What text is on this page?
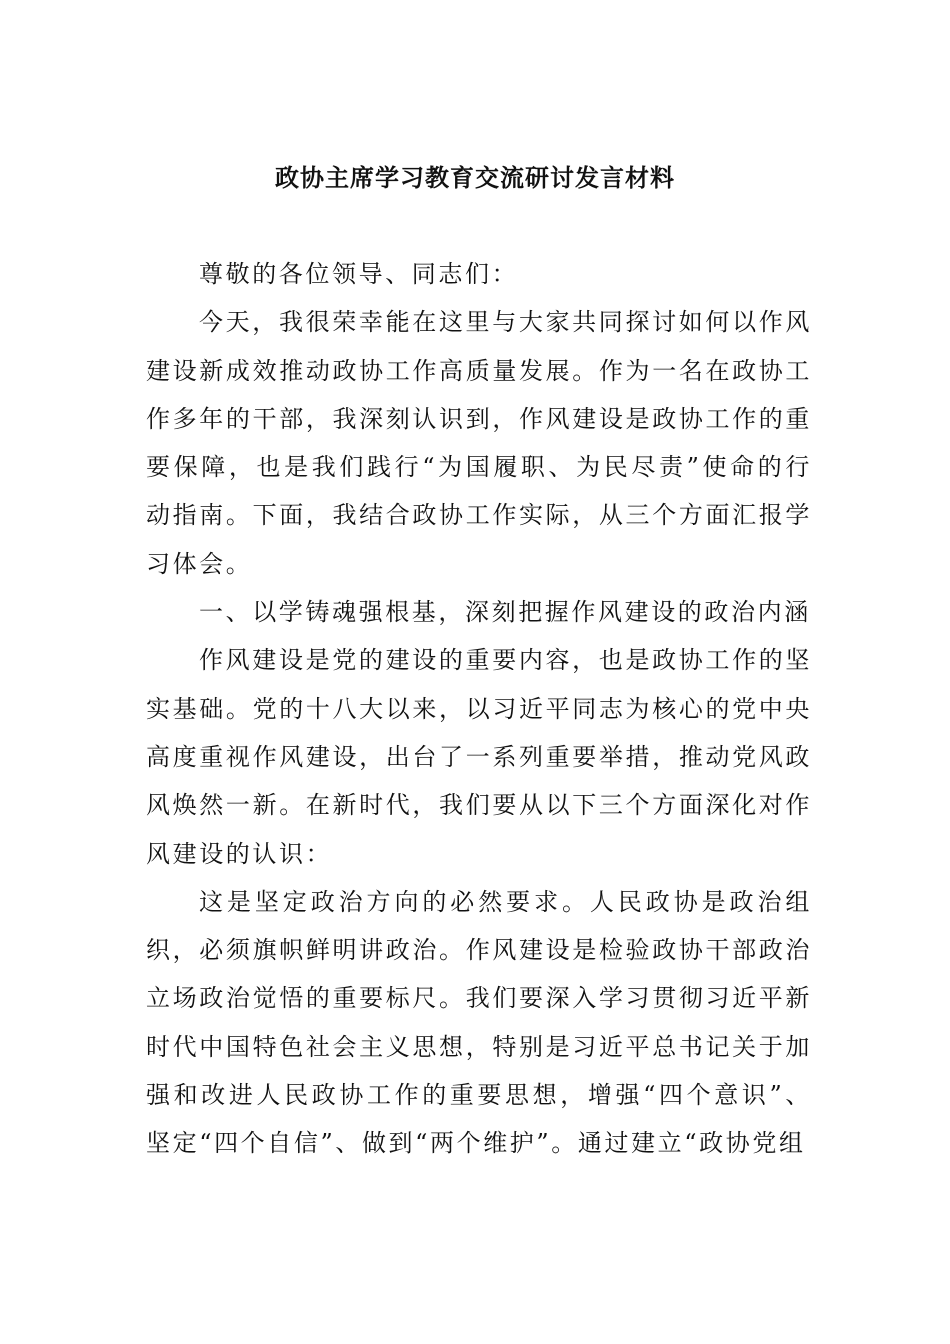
政协主席学习教育交流研讨发言材料

尊敬的各位领导、同志们：

今天，我很荣幸能在这里与大家共同探讨如何以作风建设新成效推动政协工作高质量发展。作为一名在政协工作多年的干部，我深刻认识到，作风建设是政协工作的重要保障，也是我们践行“为国履职、为民尽责”使命的行动指南。下面，我结合政协工作实际，从三个方面汇报学习体会。

一、以学铸魂强根基，深刻把握作风建设的政治内涵

作风建设是党的建设的重要内容，也是政协工作的坚实基础。党的十八大以来，以习近平同志为核心的党中央高度重视作风建设，出台了一系列重要举措，推动党风政风焕然一新。在新时代，我们要从以下三个方面深化对作风建设的认识：

这是坚定政治方向的必然要求。人民政协是政治组织，必须旗帜鲜明讲政治。作风建设是检验政协干部政治立场政治觉悟的重要标尺。我们要深入学习贯彻习近平新时代中国特色社会主义思想，特别是习近平总书记关于加强和改进人民政协工作的重要思想，增强“四个意识”、坚定“四个自信”、做到“两个维护”。通过建立“政协党组
